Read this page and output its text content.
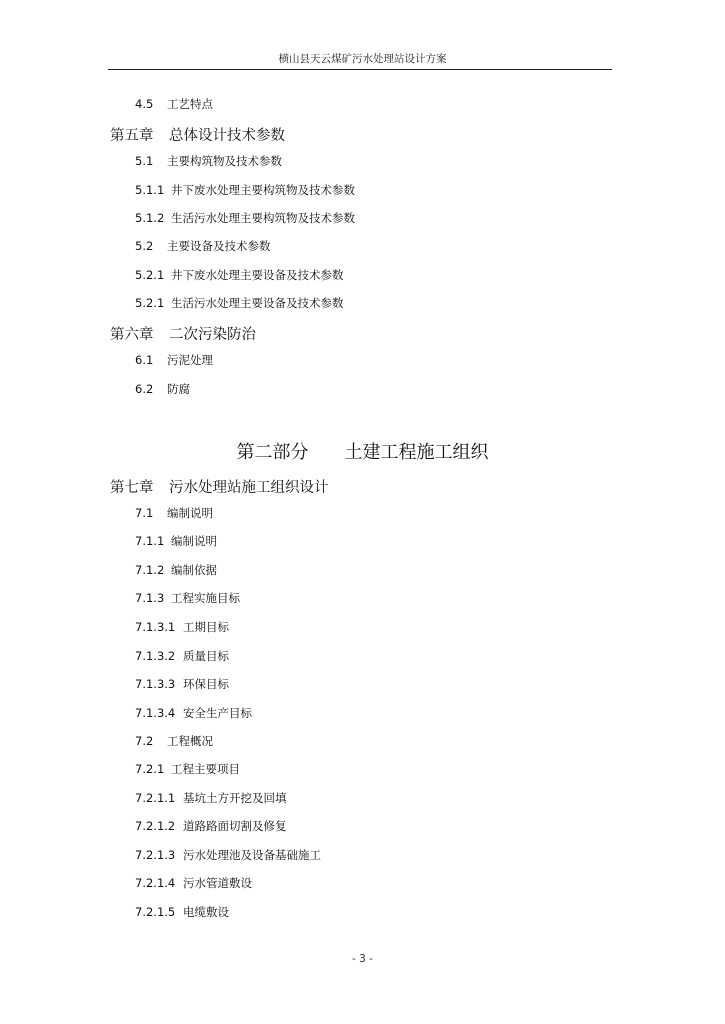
横山县天云煤矿污水处理站设计方案
4.5	工艺特点
第五章	总体设计技术参数
5.1	主要构筑物及技术参数
5.1.1 井下废水处理主要构筑物及技术参数
5.1.2 生活污水处理主要构筑物及技术参数
5.2	主要设备及技术参数
5.2.1 井下废水处理主要设备及技术参数
5.2.1 生活污水处理主要设备及技术参数
第六章	二次污染防治
6.1	污泥处理
6.2	防腐
第二部分 土建工程施工组织
第七章	污水处理站施工组织设计
7.1	编制说明
7.1.1 编制说明
7.1.2 编制依据
7.1.3 工程实施目标
7.1.3.1 工期目标
7.1.3.2 质量目标
7.1.3.3 环保目标
7.1.3.4 安全生产目标
7.2	工程概况
7.2.1 工程主要项目
7.2.1.1 基坑土方开挖及回填
7.2.1.2 道路路面切割及修复
7.2.1.3 污水处理池及设备基础施工
7.2.1.4 污水管道敷设
7.2.1.5 电缆敷设
- 3 -
